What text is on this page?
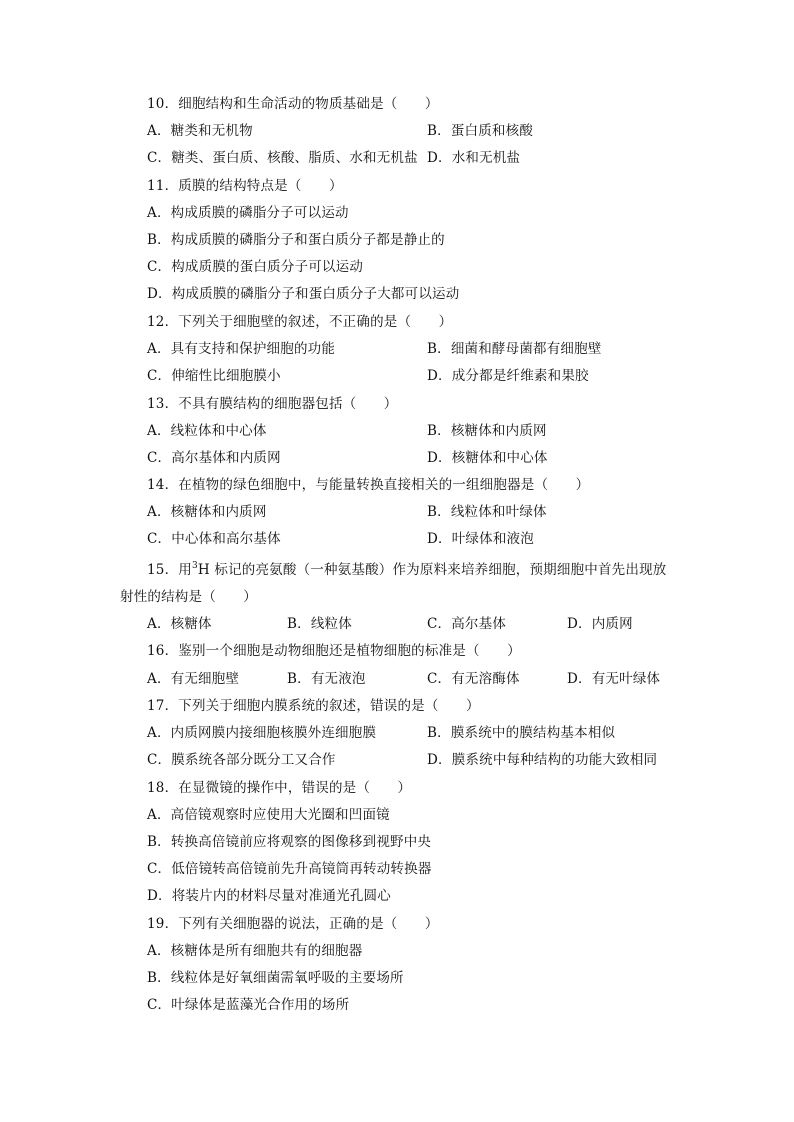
10．细胞结构和生命活动的物质基础是（　　）
A．糖类和无机物	B．蛋白质和核酸
C．糖类、蛋白质、核酸、脂质、水和无机盐 D．水和无机盐
11．质膜的结构特点是（　　）
A．构成质膜的磷脂分子可以运动
B．构成质膜的磷脂分子和蛋白质分子都是静止的
C．构成质膜的蛋白质分子可以运动
D．构成质膜的磷脂分子和蛋白质分子大都可以运动
12．下列关于细胞壁的叙述，不正确的是（　　）
A．具有支持和保护细胞的功能	B．细菌和酵母菌都有细胞壁
C．伸缩性比细胞膜小	D．成分都是纤维素和果胶
13．不具有膜结构的细胞器包括（　　）
A．线粒体和中心体	B．核糖体和内质网
C．高尔基体和内质网	D．核糖体和中心体
14．在植物的绿色细胞中，与能量转换直接相关的一组细胞器是（　　）
A．核糖体和内质网	B．线粒体和叶绿体
C．中心体和高尔基体	D．叶绿体和液泡
15．用$^3$H 标记的亮氨酸（一种氨基酸）作为原料来培养细胞，预期细胞中首先出现放
射性的结构是（　　）
A．核糖体	B．线粒体	C．高尔基体	D．内质网
16．鉴别一个细胞是动物细胞还是植物细胞的标准是（　　）
A．有无细胞壁	B．有无液泡	C．有无溶酶体	D．有无叶绿体
17．下列关于细胞内膜系统的叙述，错误的是（　　）
A．内质网膜内接细胞核膜外连细胞膜	B．膜系统中的膜结构基本相似
C．膜系统各部分既分工又合作	D．膜系统中每种结构的功能大致相同
18．在显微镜的操作中，错误的是（　　）
A．高倍镜观察时应使用大光圈和凹面镜
B．转换高倍镜前应将观察的图像移到视野中央
C．低倍镜转高倍镜前先升高镜筒再转动转换器
D．将装片内的材料尽量对准通光孔圆心
19．下列有关细胞器的说法，正确的是（　　）
A．核糖体是所有细胞共有的细胞器
B．线粒体是好氧细菌需氧呼吸的主要场所
C．叶绿体是蓝藻光合作用的场所
